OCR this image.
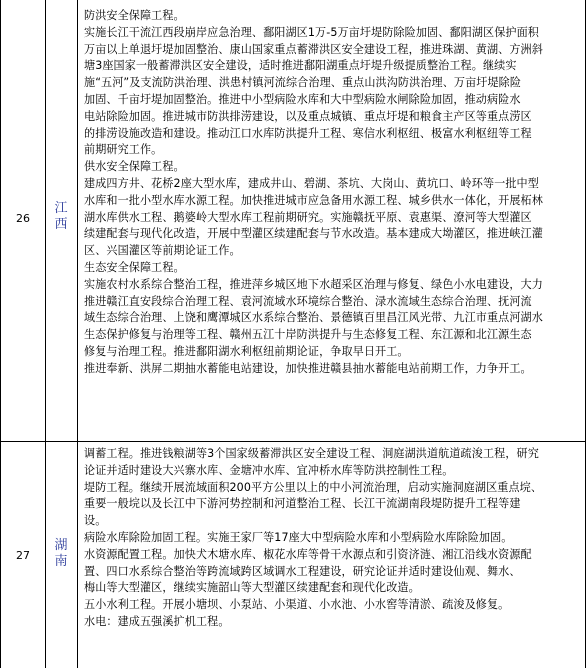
26
江
西

防洪安全保障工程。

实施长江干流江西段崩岸应急治理、鄱阳湖区1万-5万亩圩堤防除险加固、鄱阳湖区保护面积

万亩以上单退圩堤加固整治、康山国家重点蓄滞洪区安全建设工程，推进珠湖、黄湖、方洲斜

塘3座国家一般蓄滞洪区安全建设，适时推进鄱阳湖重点圩堤升级提质整治工程。继续实

施“五河”及支流防洪治理、洪患村镇河流综合治理、重点山洪沟防洪治理、万亩圩堤除险

加固、千亩圩堤加固整治。推进中小型病险水库和大中型病险水闸除险加固，推动病险水

电站除险加固。推进城市防洪排涝建设，以及重点城镇、重点圩堤和粮食主产区等重点涝区

的排涝设施改造和建设。推动江口水库防洪提升工程、寒信水利枢纽、极富水利枢纽等工程

前期研究工作。

供水安全保障工程。

建成四方井、花桥2座大型水库，建成井山、碧湖、茶坑、大岗山、黄坑口、岭环等一批中型

水库和一批小型水库水源工程。加快推进城市应急备用水源工程、城乡供水一体化，开展柘林

湖水库供水工程、鹅婆岭大型水库工程前期研究。实施赣抚平原、袁惠渠、潦河等大型灌区

续建配套与现代化改造，开展中型灌区续建配套与节水改造。基本建成大坳灌区，推进峡江灌

区、兴国灌区等前期论证工作。

生态安全保障工程。

实施农村水系综合整治工程，推进萍乡城区地下水超采区治理与修复、绿色小水电建设，大力

推进赣江直安段综合治理工程、袁河流域水环境综合整治、渌水流域生态综合治理、抚河流

域生态综合治理、上饶和鹰潭城区水系综合整治、景德镇百里昌江风光带、九江市重点河湖水

生态保护修复与治理等工程、赣州五江十岸防洪提升与生态修复工程、东江源和北江源生态

修复与治理工程。推进鄱阳湖水利枢纽前期论证，争取早日开工。

推进奉新、洪屏二期抽水蓄能电站建设，加快推进赣县抽水蓄能电站前期工作，力争开工。

27
湖
南

调蓄工程。推进钱粮湖等3个国家级蓄滞洪区安全建设工程、洞庭湖洪道航道疏浚工程，研究

论证并适时建设大兴寨水库、金塘冲水库、宜冲桥水库等防洪控制性工程。

堤防工程。继续开展流域面积200平方公里以上的中小河流治理，启动实施洞庭湖区重点垸、

重要一般垸以及长江中下游河势控制和河道整治工程、长江干流湖南段堤防提升工程等建

设。

病险水库除险加固工程。实施王家厂等17座大中型病险水库和小型病险水库除险加固。

水资源配置工程。加快犬木塘水库、椒花水库等骨干水源点和引资济涟、湘江沿线水资源配

置、四口水系综合整治等跨流域跨区域调水工程建设，研究论证并适时建设仙观、舞水、

梅山等大型灌区，继续实施韶山等大型灌区续建配套和现代化改造。

五小水利工程。开展小塘坝、小泵站、小渠道、小水池、小水窖等清淤、疏浚及修复。

水电：建成五强溪扩机工程。
